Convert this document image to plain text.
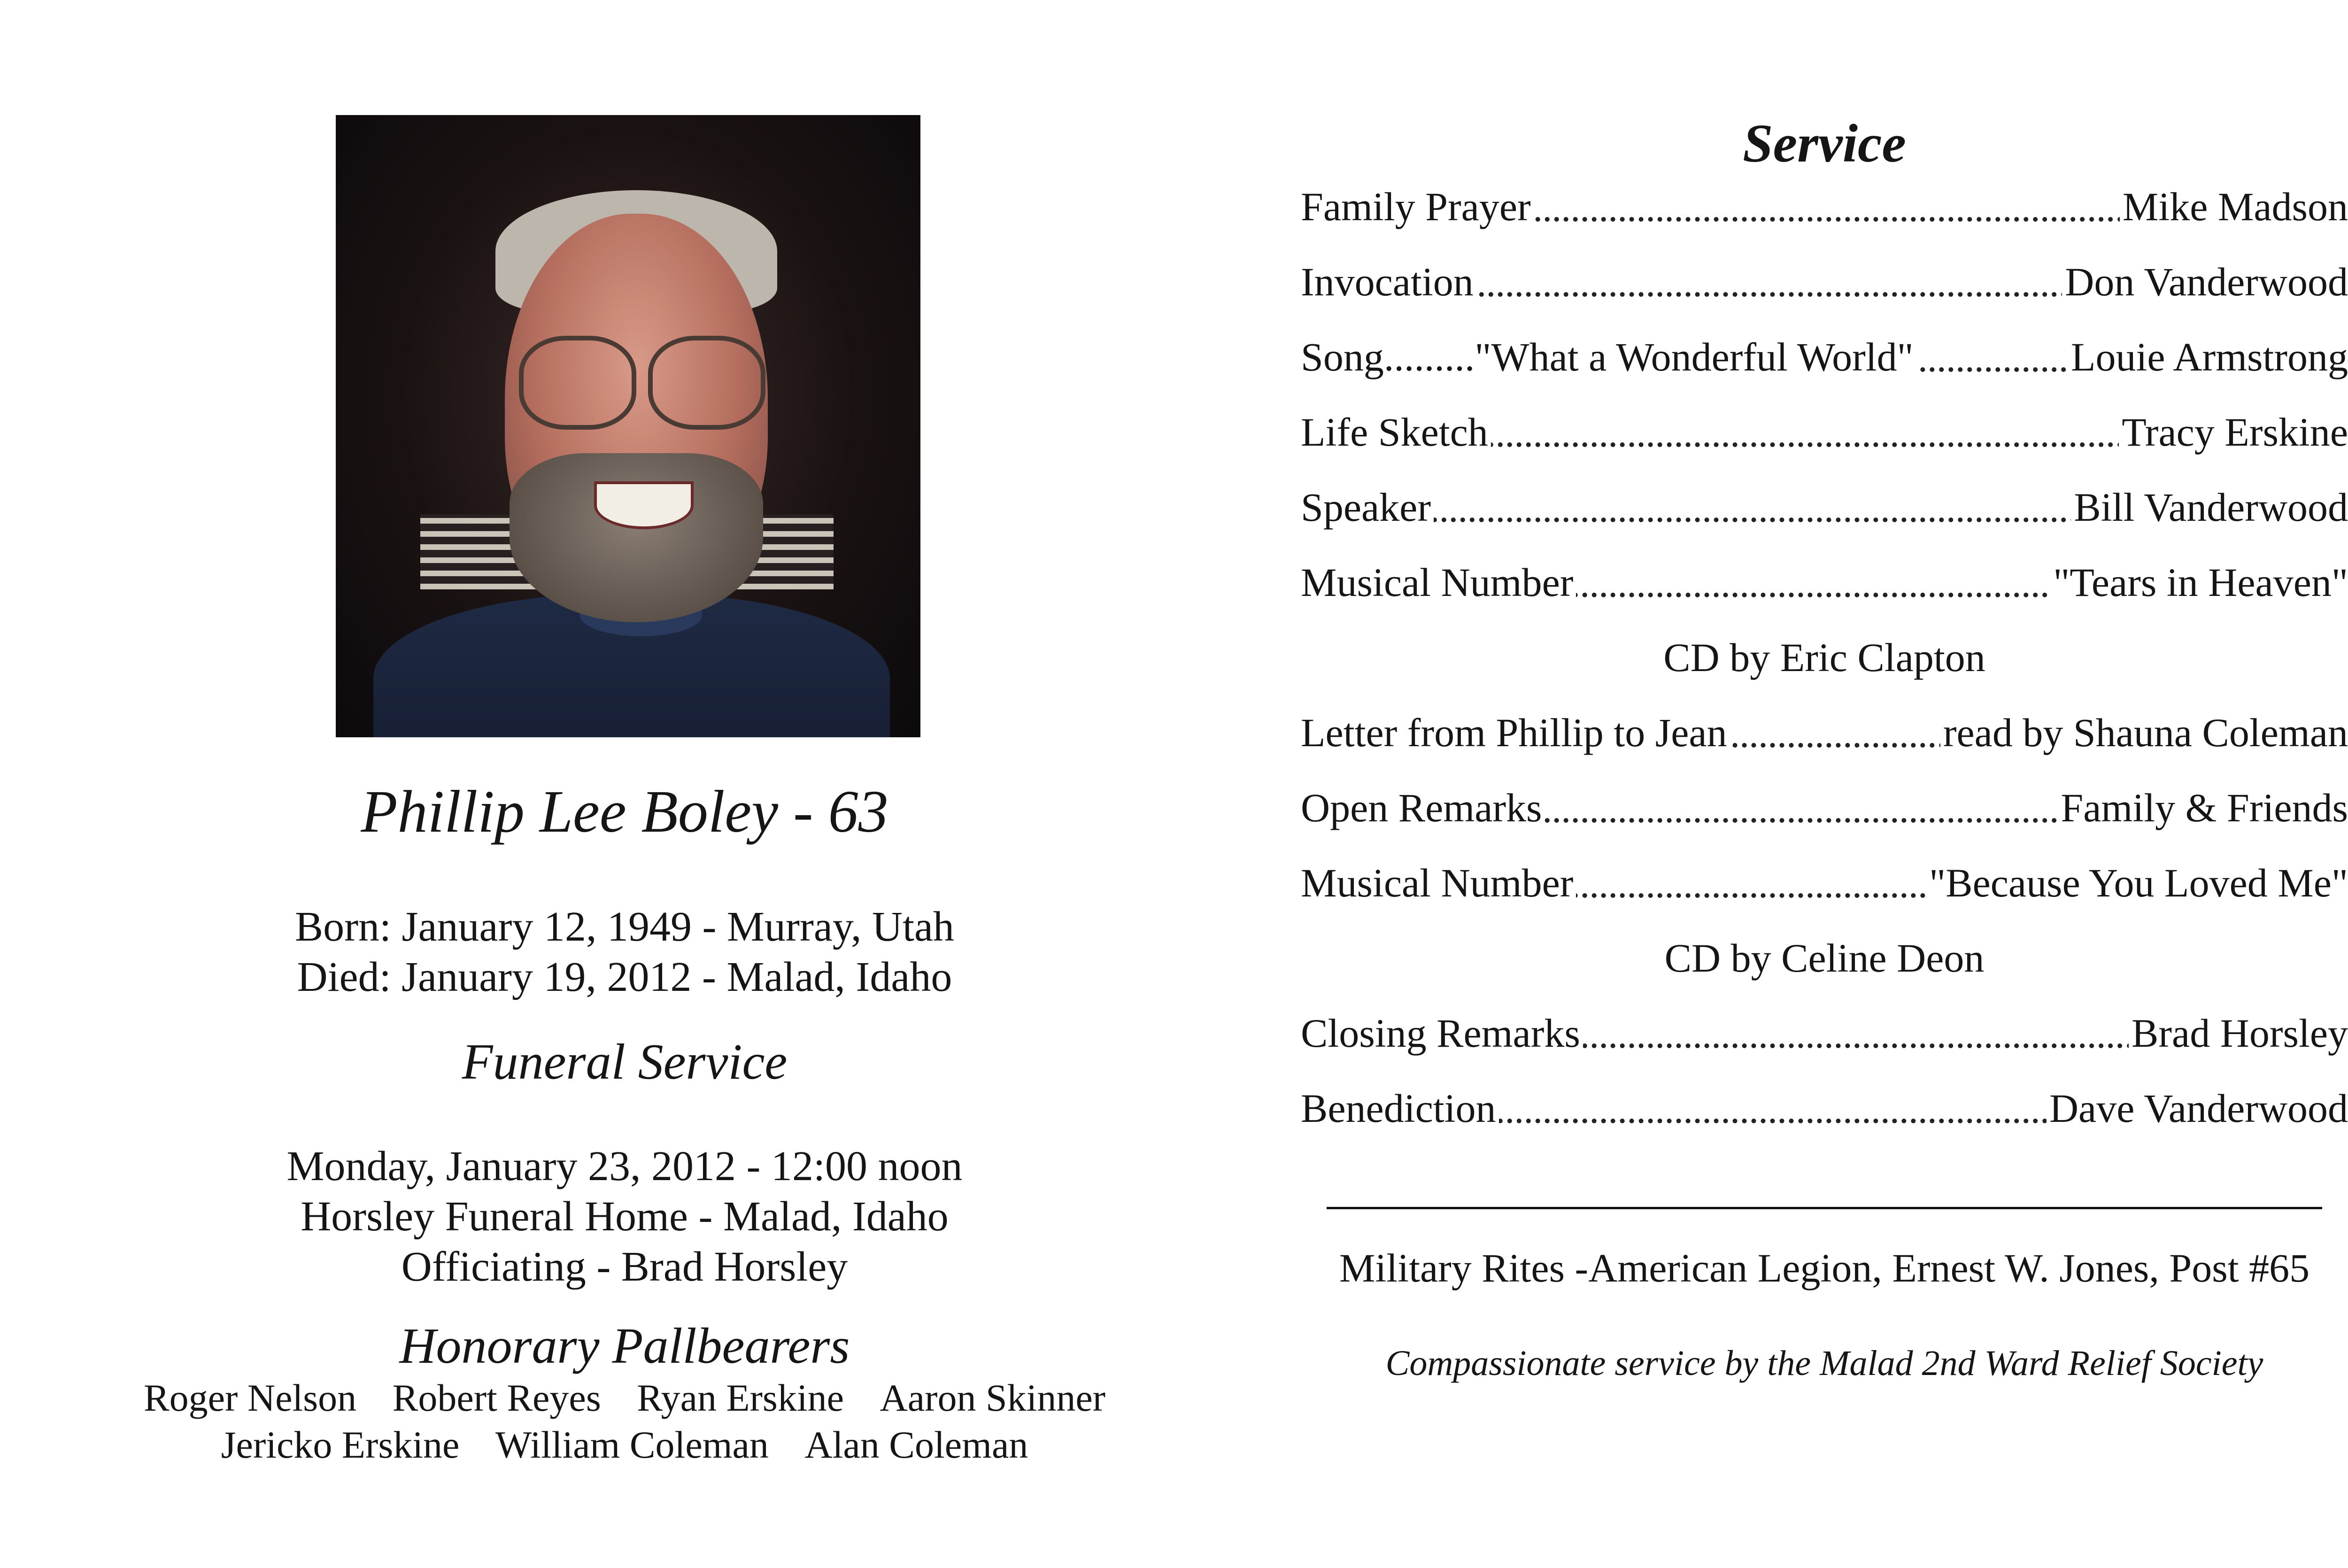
Phillip Lee Boley - 63
Born: January 12, 1949 - Murray, Utah
Died: January 19, 2012 - Malad, Idaho
Funeral Service
Monday, January 23, 2012 - 12:00 noon
Horsley Funeral Home - Malad, Idaho
Officiating - Brad Horsley
Honorary Pallbearers
Roger Nelson Robert Reyes Ryan Erskine Aaron Skinner
Jericko Erskine William Coleman Alan Coleman
Service
Family Prayer	Mike Madson
Invocation	Don Vanderwood
Song........."What a Wonderful World"	Louie Armstrong
Life Sketch	Tracy Erskine
Speaker	Bill Vanderwood
Musical Number	"Tears in Heaven"
CD by Eric Clapton
Letter from Phillip to Jean	read by Shauna Coleman
Open Remarks	Family & Friends
Musical Number	"Because You Loved Me"
CD by Celine Deon
Closing Remarks	Brad Horsley
Benediction	Dave Vanderwood
Military Rites -American Legion, Ernest W. Jones, Post #65
Compassionate service by the Malad 2nd Ward Relief Society
